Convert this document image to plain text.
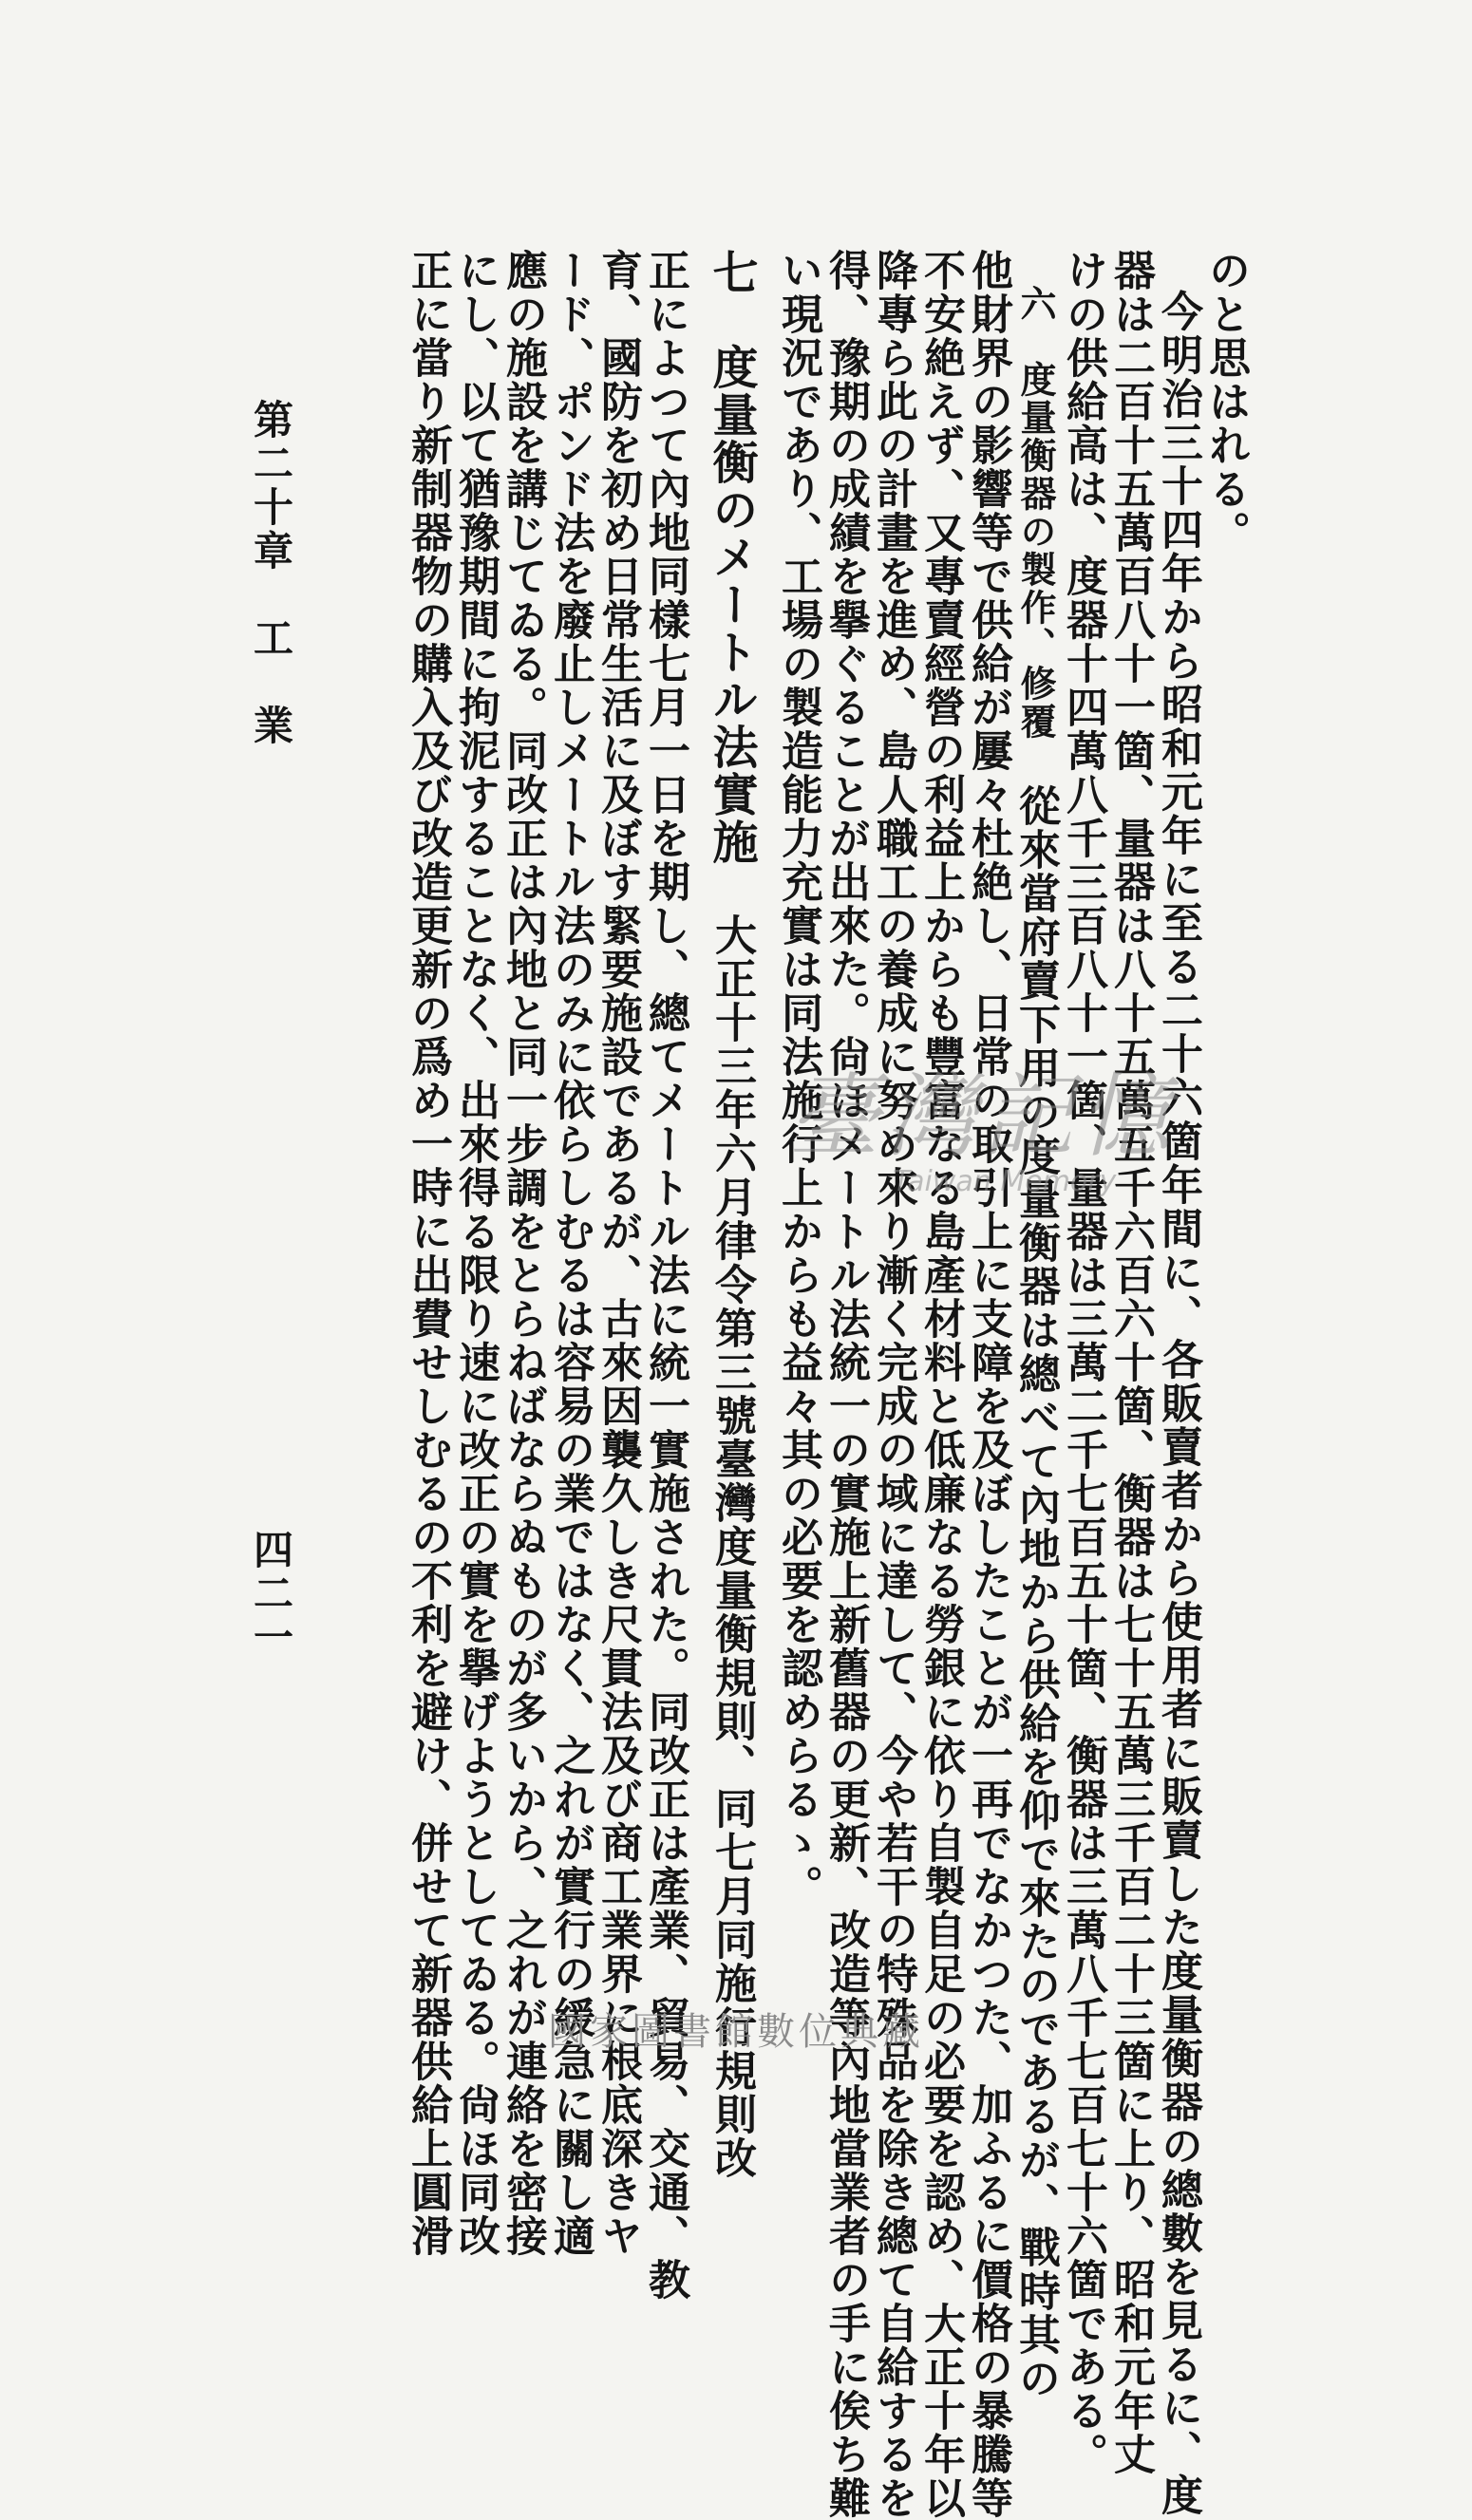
のと思はれる。
今明治三十四年から昭和元年に至る二十六箇年間に、各販賣者から使用者に販賣した度量衡器の總數を見るに、度
器は二百十五萬百八十一箇、量器は八十五萬五千六百六十箇、衡器は七十五萬三千百二十三箇に上り、昭和元年丈
けの供給高は、度器十四萬八千三百八十一箇、量器は三萬二千七百五十箇、衡器は三萬八千七百七十六箇である。
六　度量衡器の製作、修覆　從來當府賣下用の度量衡器は總べて內地から供給を仰で來たのであるが、戰時其の
他財界の影響等で供給が屢々杜絶し、日常の取引上に支障を及ぼしたことが一再でなかつた、加ふるに價格の暴騰等
不安絶えず、又專賣經營の利益上からも豐富なる島產材料と低廉なる勞銀に依り自製自足の必要を認め、大正十年以
降專ら此の計畫を進め、島人職工の養成に努め來り漸く完成の域に達して、今や若干の特殊品を除き總て自給するを
得、豫期の成績を擧ぐることが出來た。尙ほメートル法統一の實施上新舊器の更新、改造等內地當業者の手に俟ち難
い現況であり、工場の製造能力充實は同法施行上からも益々其の必要を認めらるゝ。
七　度量衡のメートル法實施　大正十三年六月律令第三號臺灣度量衡規則、同七月同施行規則改
正によつて內地同樣七月一日を期し、總てメートル法に統一實施された。同改正は產業、貿易、交通、教
育、國防を初め日常生活に及ぼす緊要施設であるが、古來因襲久しき尺貫法及び商工業界に根底深きヤ
ード、ポンド法を廢止しメートル法のみに依らしむるは容易の業ではなく、之れが實行の緩急に關し適
應の施設を講じてゐる。同改正は內地と同一步調をとらねばならぬものが多いから、之れが連絡を密接
にし、以て猶豫期間に拘泥することなく、出來得る限り速に改正の實を擧げようとしてゐる。尙ほ同改
正に當り新制器物の購入及び改造更新の爲め一時に出費せしむるの不利を避け、併せて新器供給上圓滑
第二十章　工　業
四二一
臺灣記憶
Taiwan Memory
國家圖書館數位典藏
